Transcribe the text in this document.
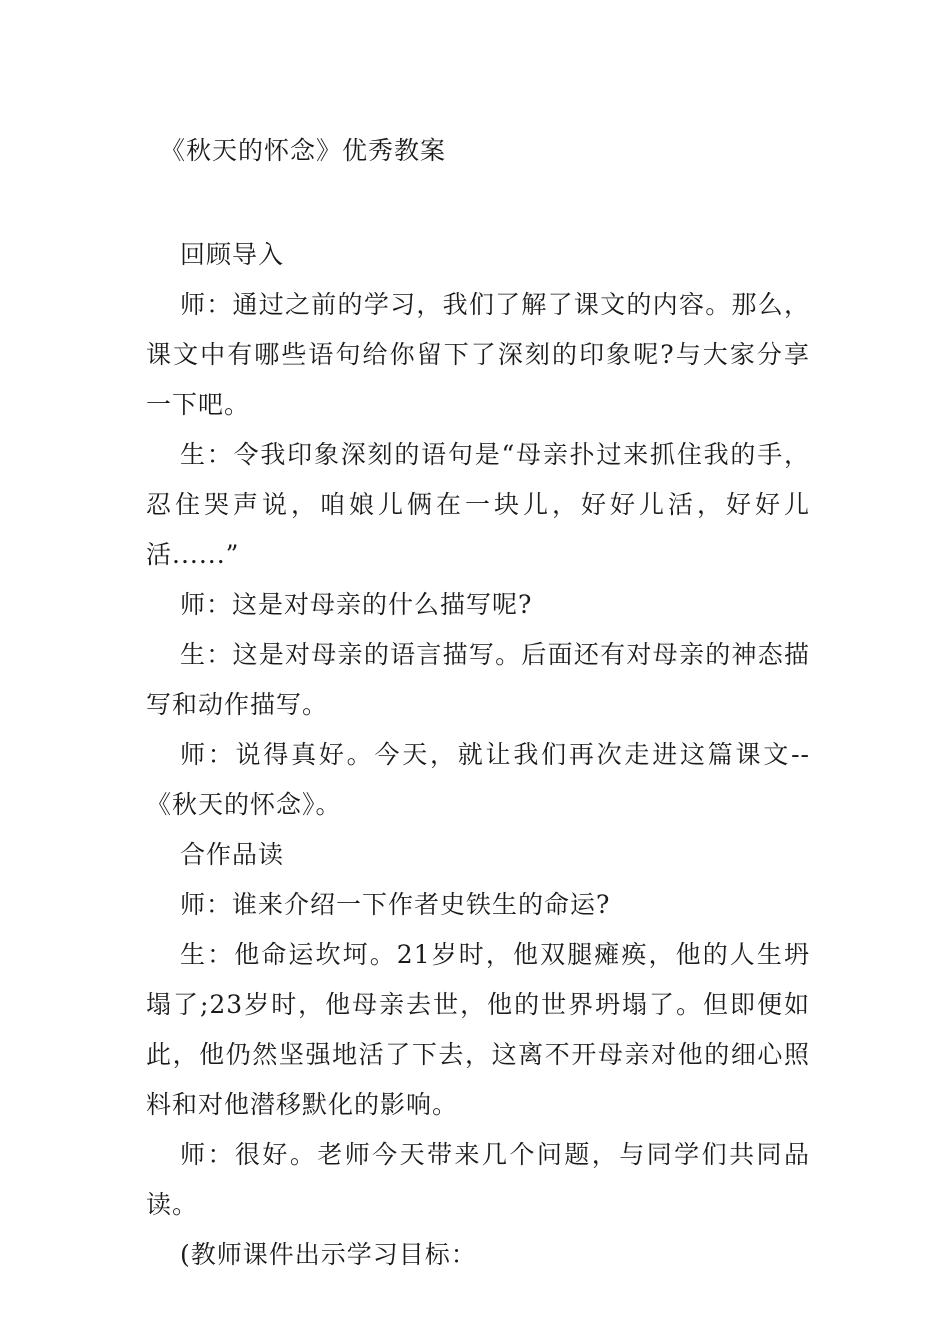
《秋天的怀念》优秀教案

回顾导入

师：通过之前的学习，我们了解了课文的内容。那么，课文中有哪些语句给你留下了深刻的印象呢?与大家分享一下吧。

生：令我印象深刻的语句是“母亲扑过来抓住我的手，忍住哭声说，咱娘儿俩在一块儿，好好儿活，好好儿活......”

师：这是对母亲的什么描写呢?

生：这是对母亲的语言描写。后面还有对母亲的神态描写和动作描写。

师：说得真好。今天，就让我们再次走进这篇课文--《秋天的怀念》。

合作品读

师：谁来介绍一下作者史铁生的命运?

生：他命运坎坷。21岁时，他双腿瘫痪，他的人生坍塌了;23岁时，他母亲去世，他的世界坍塌了。但即便如此，他仍然坚强地活了下去，这离不开母亲对他的细心照料和对他潜移默化的影响。

师：很好。老师今天带来几个问题，与同学们共同品读。

(教师课件出示学习目标：
